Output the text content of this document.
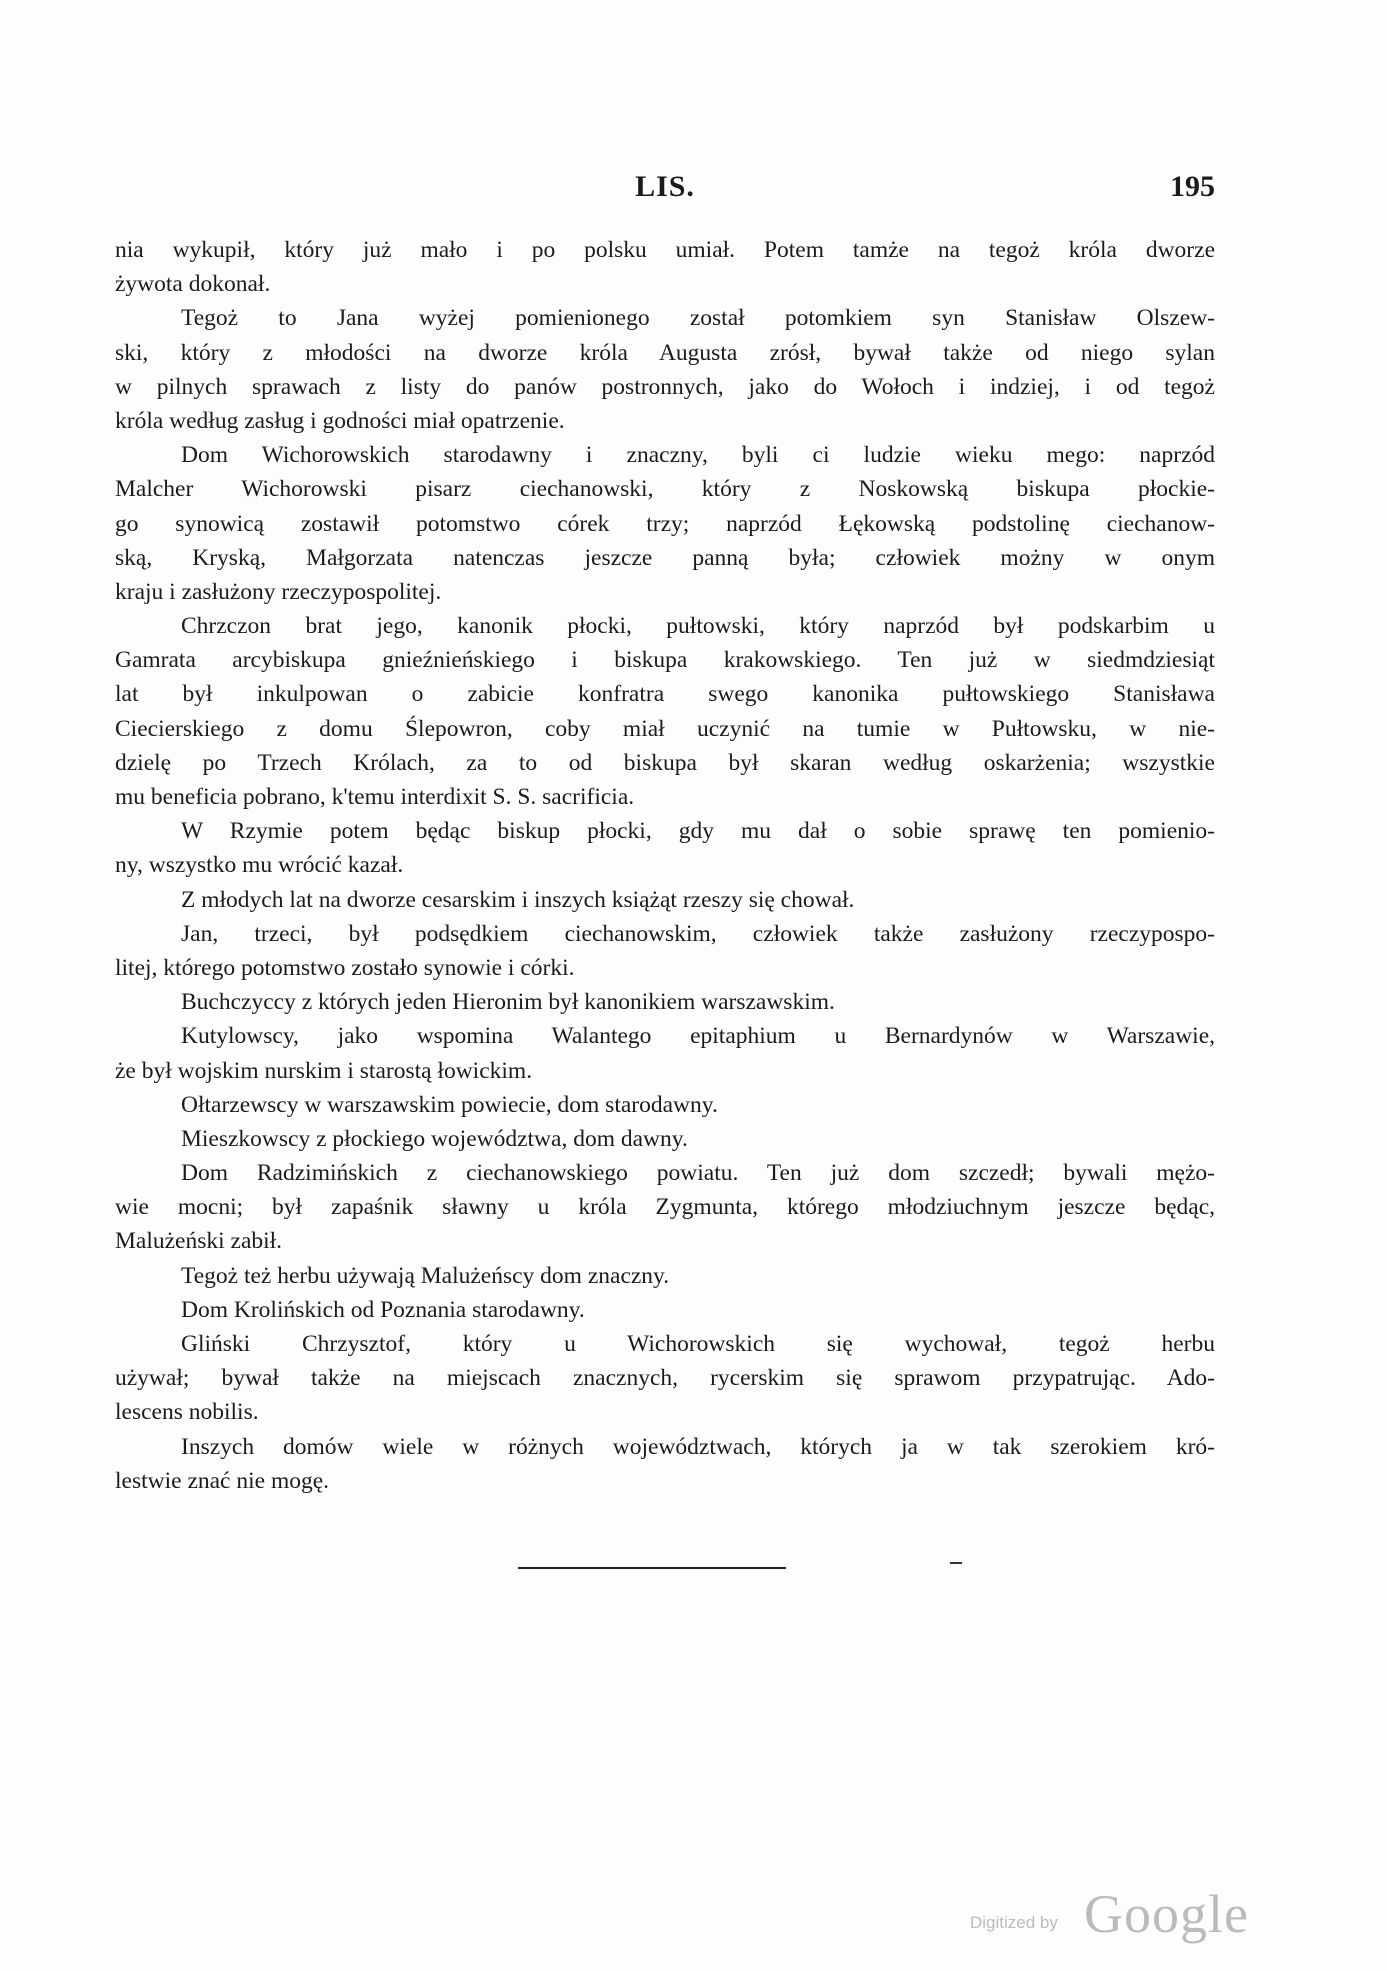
LIS.	195
nia wykupił, który już mało i po polsku umiał. Potem tamże na tegoż króla dworze
żywota dokonał.
Tegoż to Jana wyżej pomienionego został potomkiem syn Stanisław Olszew-
ski, który z młodości na dworze króla Augusta zrósł, bywał także od niego sylan
w pilnych sprawach z listy do panów postronnych, jako do Wołoch i indziej, i od tegoż
króla według zasług i godności miał opatrzenie.
Dom Wichorowskich starodawny i znaczny, byli ci ludzie wieku mego: naprzód
Malcher Wichorowski pisarz ciechanowski, który z Noskowską biskupa płockie-
go synowicą zostawił potomstwo córek trzy; naprzód Łękowską podstolinę ciechanow-
ską, Kryską, Małgorzata natenczas jeszcze panną była; człowiek możny w onym
kraju i zasłużony rzeczypospolitej.
Chrzczon brat jego, kanonik płocki, pułtowski, który naprzód był podskarbim u
Gamrata arcybiskupa gnieźnieńskiego i biskupa krakowskiego. Ten już w siedmdziesiąt
lat był inkulpowan o zabicie konfratra swego kanonika pułtowskiego Stanisława
Ciecierskiego z domu Ślepowron, coby miał uczynić na tumie w Pułtowsku, w nie-
dzielę po Trzech Królach, za to od biskupa był skaran według oskarżenia; wszystkie
mu beneficia pobrano, k'temu interdixit S. S. sacrificia.
W Rzymie potem będąc biskup płocki, gdy mu dał o sobie sprawę ten pomienio-
ny, wszystko mu wrócić kazał.
Z młodych lat na dworze cesarskim i inszych książąt rzeszy się chował.
Jan, trzeci, był podsędkiem ciechanowskim, człowiek także zasłużony rzeczypospo-
litej, którego potomstwo zostało synowie i córki.
Buchczyccy z których jeden Hieronim był kanonikiem warszawskim.
Kutylowscy, jako wspomina Walantego epitaphium u Bernardynów w Warszawie,
że był wojskim nurskim i starostą łowickim.
Ołtarzewscy w warszawskim powiecie, dom starodawny.
Mieszkowscy z płockiego województwa, dom dawny.
Dom Radzimińskich z ciechanowskiego powiatu. Ten już dom szczedł; bywali mężo-
wie mocni; był zapaśnik sławny u króla Zygmunta, którego młodziuchnym jeszcze będąc,
Malużeński zabił.
Tegoż też herbu używają Malużeńscy dom znaczny.
Dom Krolińskich od Poznania starodawny.
Gliński Chrzysztof, który u Wichorowskich się wychował, tegoż herbu
używał; bywał także na miejscach znacznych, rycerskim się sprawom przypatrując. Ado-
lescens nobilis.
Inszych domów wiele w różnych województwach, których ja w tak szerokiem kró-
lestwie znać nie mogę.
Digitized by Google
